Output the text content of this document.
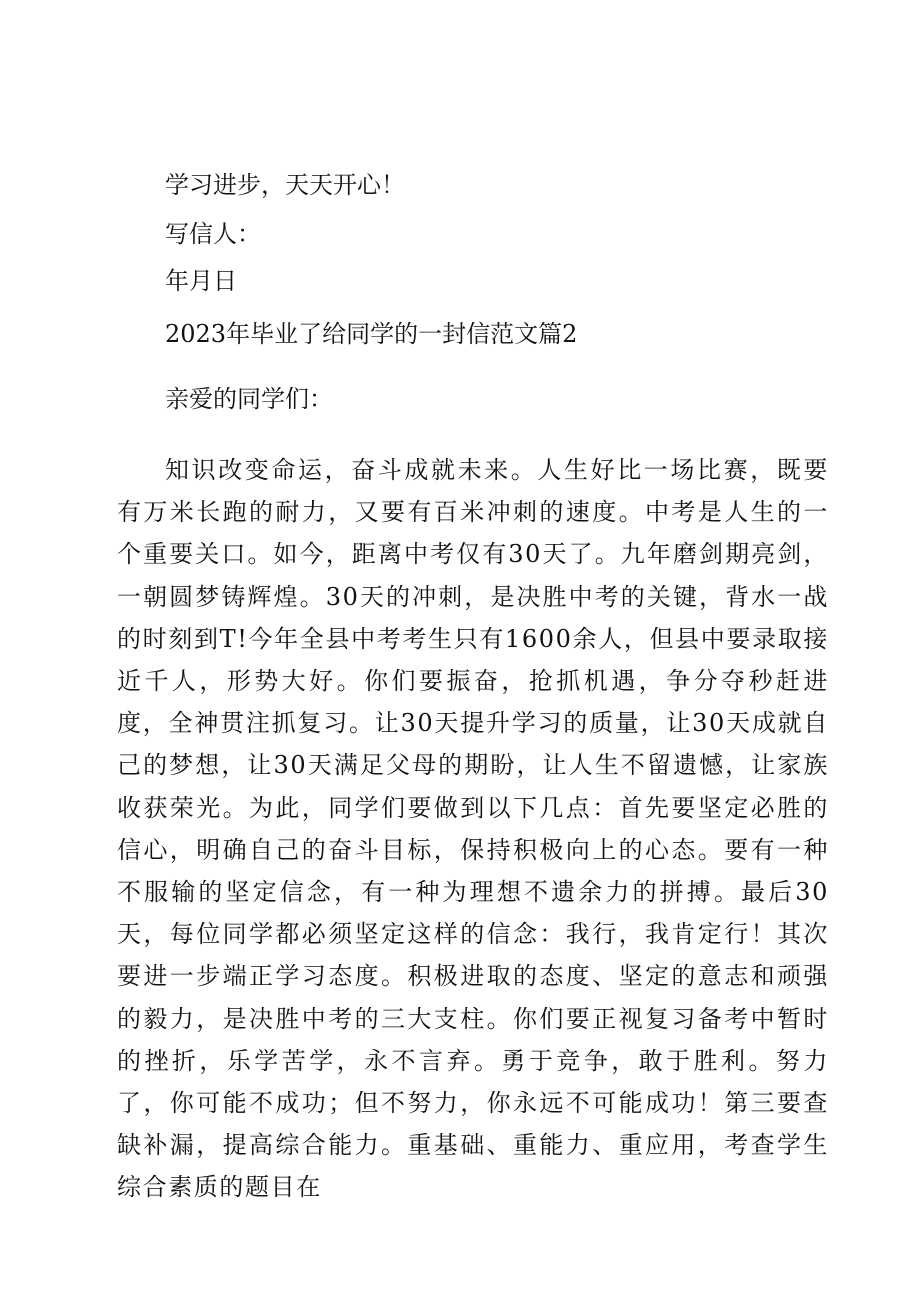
学习进步，天天开心！
写信人：
年月日
2023年毕业了给同学的一封信范文篇2
亲爱的同学们：

知识改变命运，奋斗成就未来。人生好比一场比赛，既要有万米长跑的耐力，又要有百米冲刺的速度。中考是人生的一个重要关口。如今，距离中考仅有30天了。九年磨剑期亮剑，一朝圆梦铸辉煌。30天的冲刺，是决胜中考的关键，背水一战的时刻到T!今年全县中考考生只有1600余人，但县中要录取接近千人，形势大好。你们要振奋，抢抓机遇，争分夺秒赶进度，全神贯注抓复习。让30天提升学习的质量，让30天成就自己的梦想，让30天满足父母的期盼，让人生不留遗憾，让家族收获荣光。为此，同学们要做到以下几点：首先要坚定必胜的信心，明确自己的奋斗目标，保持积极向上的心态。要有一种不服输的坚定信念，有一种为理想不遗余力的拼搏。最后30天，每位同学都必须坚定这样的信念：我行，我肯定行！其次要进一步端正学习态度。积极进取的态度、坚定的意志和顽强的毅力，是决胜中考的三大支柱。你们要正视复习备考中暂时的挫折，乐学苦学，永不言弃。勇于竞争，敢于胜利。努力了，你可能不成功；但不努力，你永远不可能成功！第三要查缺补漏，提高综合能力。重基础、重能力、重应用，考查学生综合素质的题目在
